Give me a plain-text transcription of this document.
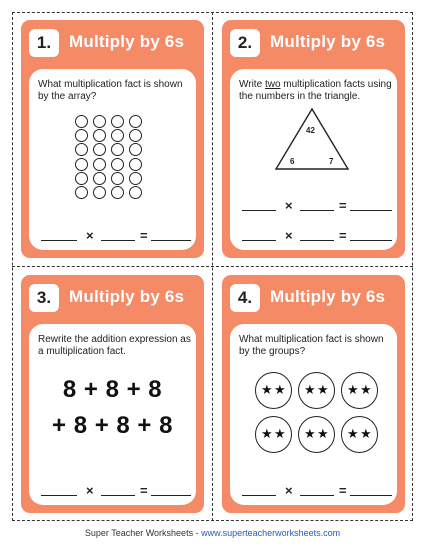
1.	Multiply by 6s
What multiplication fact is shown by the array?
×	=
2.	Multiply by 6s
Write two multiplication facts using the numbers in the triangle.
42
6	7
×	=
×	=
3.	Multiply by 6s
Rewrite the addition expression as a multiplication fact.
8 + 8 + 8
+ 8 + 8 + 8
×	=
4.	Multiply by 6s
What multiplication fact is shown by the groups?
★ ★ ★ ★ ★ ★
★ ★ ★ ★ ★ ★
×	=
Super Teacher Worksheets - www.superteacherworksheets.com
